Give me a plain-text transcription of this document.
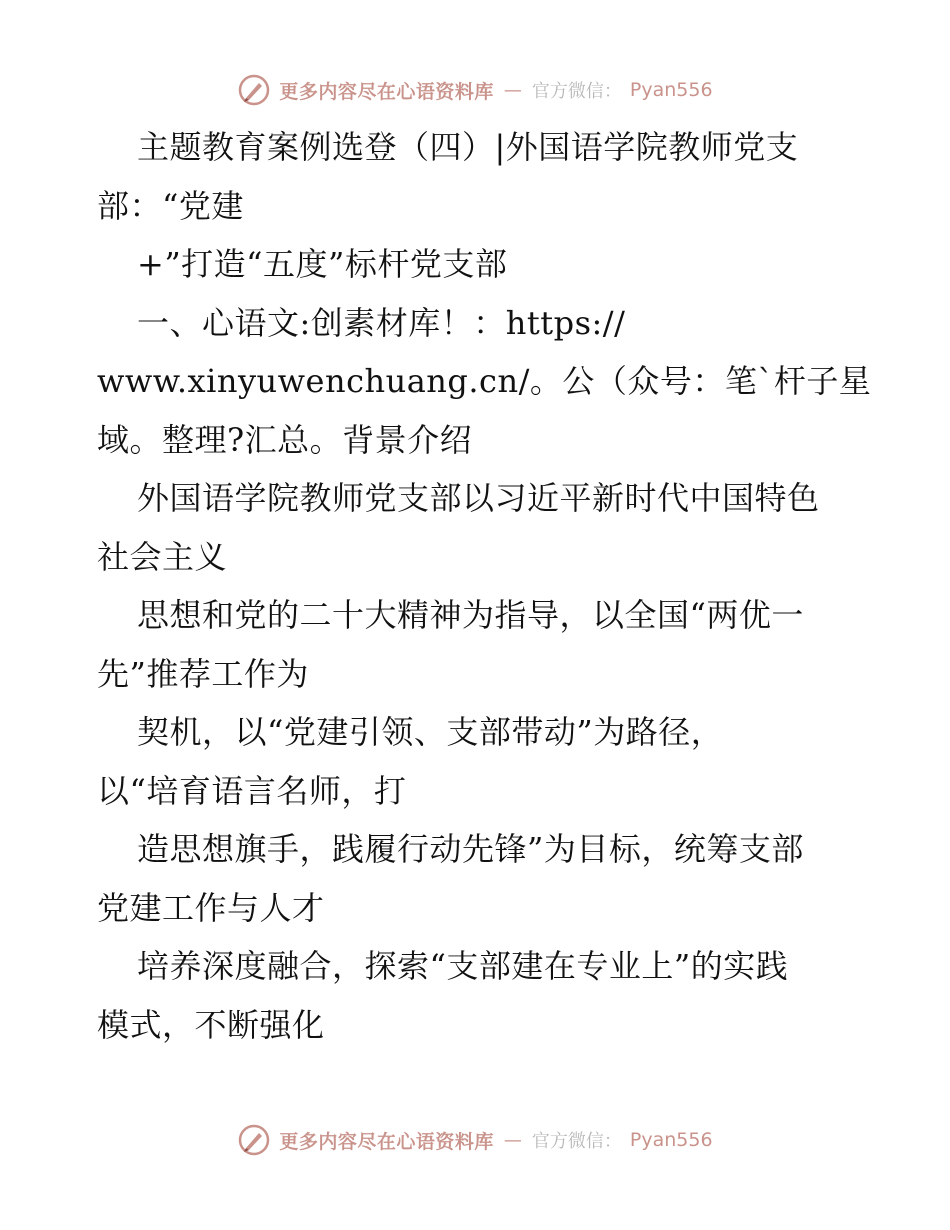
更多内容尽在心语资料库 — 官方微信： Pyan556
主题教育案例选登（四）|外国语学院教师党支
部：“党建
+”打造“五度”标杆党支部
一、心语文:创素材库！：https://
www.xinyuwenchuang.cn/。公（众号：笔`杆子星
域。整理?汇总。背景介绍
外国语学院教师党支部以习近平新时代中国特色
社会主义
思想和党的二十大精神为指导，以全国“两优一
先”推荐工作为
契机，以“党建引领、支部带动”为路径，
以“培育语言名师，打
造思想旗手，践履行动先锋”为目标，统筹支部
党建工作与人才
培养深度融合，探索“支部建在专业上”的实践
模式，不断强化
更多内容尽在心语资料库 — 官方微信： Pyan556
